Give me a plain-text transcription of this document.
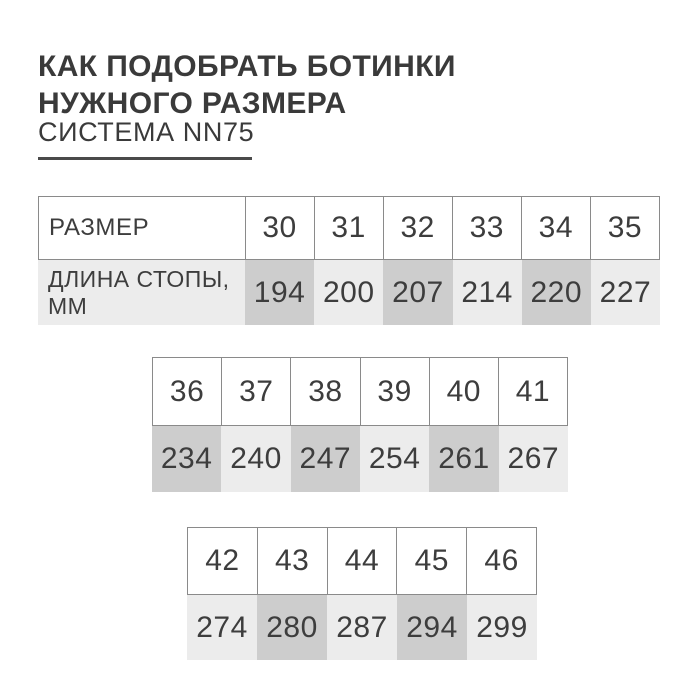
КАК ПОДОБРАТЬ БОТИНКИ
НУЖНОГО РАЗМЕРА
СИСТЕМА NN75
РАЗМЕР	30	31	32	33	34	35
ДЛИНА СТОПЫ,
ММ	194 200 207 214 220 227
36	37	38	39	40	41
234 240 247 254 261 267
42	43	44	45	46
274 280 287 294 299
